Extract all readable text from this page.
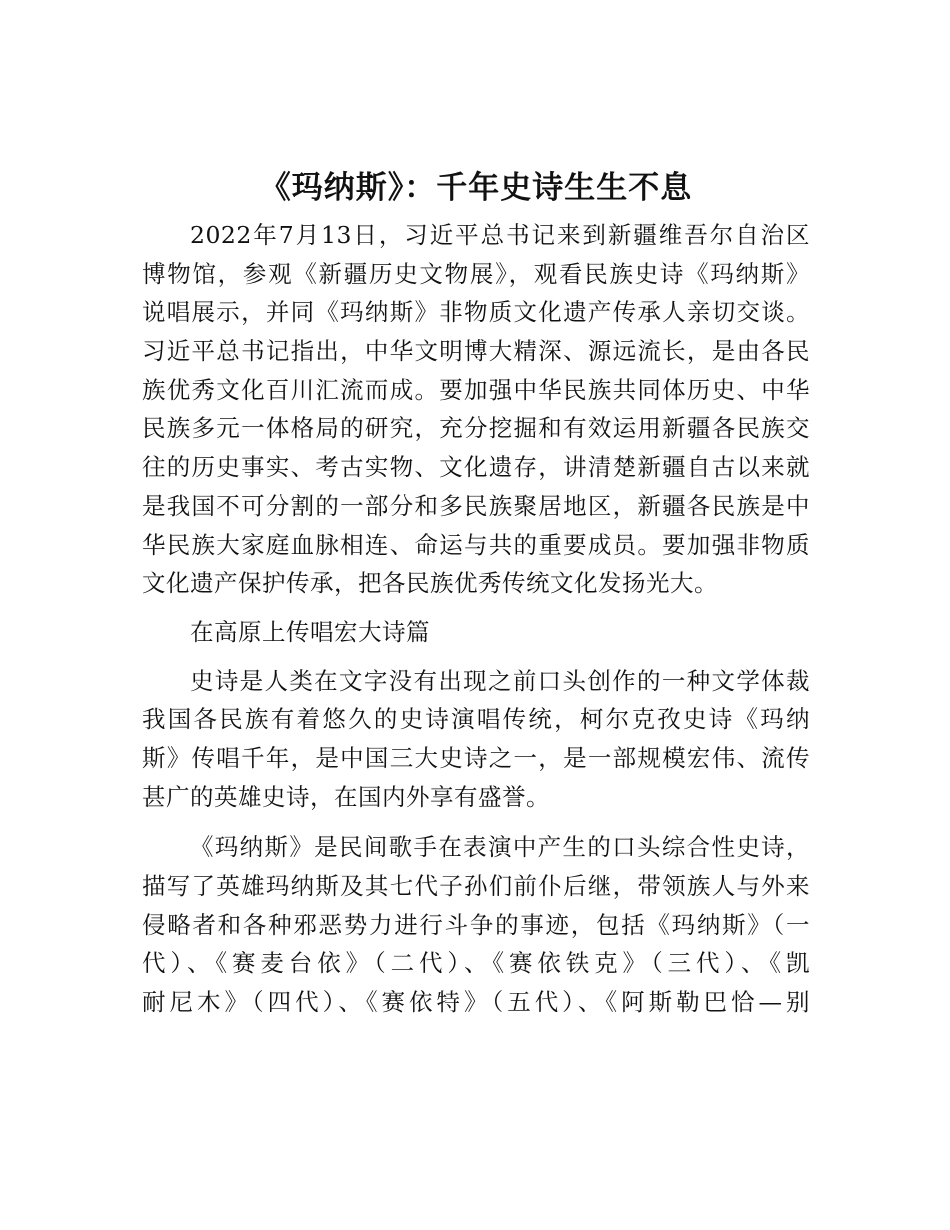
《玛纳斯》：千年史诗生生不息
2022年7月13日，习近平总书记来到新疆维吾尔自治区
博物馆，参观《新疆历史文物展》，观看民族史诗《玛纳斯》
说唱展示，并同《玛纳斯》非物质文化遗产传承人亲切交谈。
习近平总书记指出，中华文明博大精深、源远流长，是由各民
族优秀文化百川汇流而成。要加强中华民族共同体历史、中华
民族多元一体格局的研究，充分挖掘和有效运用新疆各民族交
往的历史事实、考古实物、文化遗存，讲清楚新疆自古以来就
是我国不可分割的一部分和多民族聚居地区，新疆各民族是中
华民族大家庭血脉相连、命运与共的重要成员。要加强非物质
文化遗产保护传承，把各民族优秀传统文化发扬光大。
在高原上传唱宏大诗篇
史诗是人类在文字没有出现之前口头创作的一种文学体裁
我国各民族有着悠久的史诗演唱传统，柯尔克孜史诗《玛纳
斯》传唱千年，是中国三大史诗之一，是一部规模宏伟、流传
甚广的英雄史诗，在国内外享有盛誉。
《玛纳斯》是民间歌手在表演中产生的口头综合性史诗，
描写了英雄玛纳斯及其七代子孙们前仆后继，带领族人与外来
侵略者和各种邪恶势力进行斗争的事迹，包括《玛纳斯》（一
代）、《赛麦台依》（二代）、《赛依铁克》（三代）、《凯
耐尼木》（四代）、《赛依特》（五代）、《阿斯勒巴恰—别
